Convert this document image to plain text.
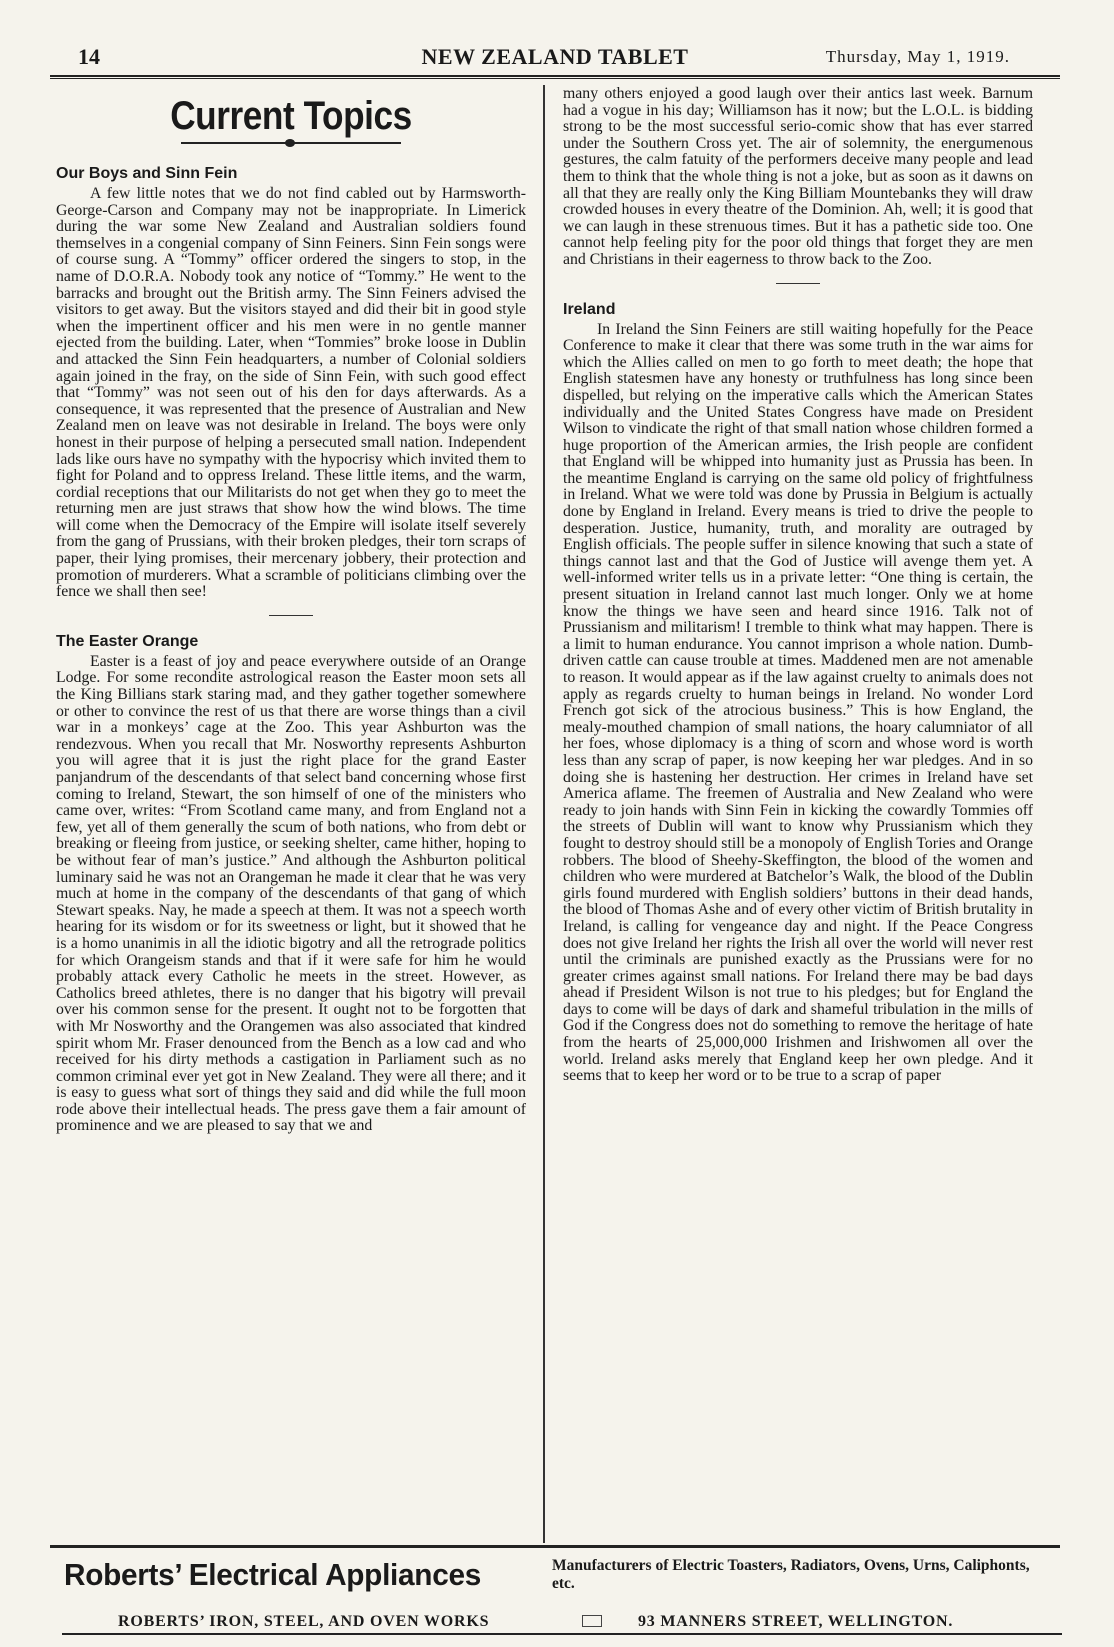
14	NEW ZEALAND TABLET	Thursday, May 1, 1919.
Current Topics
Our Boys and Sinn Fein

A few little notes that we do not find cabled out by Harmsworth-George-Carson and Company may not be inappropriate. In Limerick during the war some New Zealand and Australian soldiers found themselves in a congenial company of Sinn Feiners. Sinn Fein songs were of course sung. A “Tommy” officer ordered the singers to stop, in the name of D.O.R.A. Nobody took any notice of “Tommy.” He went to the barracks and brought out the British army. The Sinn Feiners advised the visitors to get away. But the visitors stayed and did their bit in good style when the impertinent officer and his men were in no gentle manner ejected from the building. Later, when “Tommies” broke loose in Dublin and attacked the Sinn Fein headquarters, a number of Colonial soldiers again joined in the fray, on the side of Sinn Fein, with such good effect that “Tommy” was not seen out of his den for days afterwards. As a consequence, it was represented that the presence of Australian and New Zealand men on leave was not desirable in Ireland. The boys were only honest in their purpose of helping a persecuted small nation. Independent lads like ours have no sympathy with the hypocrisy which invited them to fight for Poland and to oppress Ireland. These little items, and the warm, cordial receptions that our Militarists do not get when they go to meet the returning men are just straws that show how the wind blows. The time will come when the Democracy of the Empire will isolate itself severely from the gang of Prussians, with their broken pledges, their torn scraps of paper, their lying promises, their mercenary jobbery, their protection and promotion of murderers. What a scramble of politicians climbing over the fence we shall then see!

The Easter Orange

Easter is a feast of joy and peace everywhere outside of an Orange Lodge. For some recondite astrological reason the Easter moon sets all the King Billians stark staring mad, and they gather together somewhere or other to convince the rest of us that there are worse things than a civil war in a monkeys’ cage at the Zoo. This year Ashburton was the rendezvous. When you recall that Mr. Nosworthy represents Ashburton you will agree that it is just the right place for the grand Easter panjandrum of the descendants of that select band concerning whose first coming to Ireland, Stewart, the son himself of one of the ministers who came over, writes: “From Scotland came many, and from England not a few, yet all of them generally the scum of both nations, who from debt or breaking or fleeing from justice, or seeking shelter, came hither, hoping to be without fear of man’s justice.” And although the Ashburton political luminary said he was not an Orangeman he made it clear that he was very much at home in the company of the descendants of that gang of which Stewart speaks. Nay, he made a speech at them. It was not a speech worth hearing for its wisdom or for its sweetness or light, but it showed that he is a homo unanimis in all the idiotic bigotry and all the retrograde politics for which Orangeism stands and that if it were safe for him he would probably attack every Catholic he meets in the street. However, as Catholics breed athletes, there is no danger that his bigotry will prevail over his common sense for the present. It ought not to be forgotten that with Mr Nosworthy and the Orangemen was also associated that kindred spirit whom Mr. Fraser denounced from the Bench as a low cad and who received for his dirty methods a castigation in Parliament such as no common criminal ever yet got in New Zealand. They were all there; and it is easy to guess what sort of things they said and did while the full moon rode above their intellectual heads. The press gave them a fair amount of prominence and we are pleased to say that we and

many others enjoyed a good laugh over their antics last week. Barnum had a vogue in his day; Williamson has it now; but the L.O.L. is bidding strong to be the most successful serio-comic show that has ever starred under the Southern Cross yet. The air of solemnity, the energumenous gestures, the calm fatuity of the performers deceive many people and lead them to think that the whole thing is not a joke, but as soon as it dawns on all that they are really only the King Billiam Mountebanks they will draw crowded houses in every theatre of the Dominion. Ah, well; it is good that we can laugh in these strenuous times. But it has a pathetic side too. One cannot help feeling pity for the poor old things that forget they are men and Christians in their eagerness to throw back to the Zoo.

Ireland

In Ireland the Sinn Feiners are still waiting hopefully for the Peace Conference to make it clear that there was some truth in the war aims for which the Allies called on men to go forth to meet death; the hope that English statesmen have any honesty or truthfulness has long since been dispelled, but relying on the imperative calls which the American States individually and the United States Congress have made on President Wilson to vindicate the right of that small nation whose children formed a huge proportion of the American armies, the Irish people are confident that England will be whipped into humanity just as Prussia has been. In the meantime England is carrying on the same old policy of frightfulness in Ireland. What we were told was done by Prussia in Belgium is actually done by England in Ireland. Every means is tried to drive the people to desperation. Justice, humanity, truth, and morality are outraged by English officials. The people suffer in silence knowing that such a state of things cannot last and that the God of Justice will avenge them yet. A well-informed writer tells us in a private letter: “One thing is certain, the present situation in Ireland cannot last much longer. Only we at home know the things we have seen and heard since 1916. Talk not of Prussianism and militarism! I tremble to think what may happen. There is a limit to human endurance. You cannot imprison a whole nation. Dumb-driven cattle can cause trouble at times. Maddened men are not amenable to reason. It would appear as if the law against cruelty to animals does not apply as regards cruelty to human beings in Ireland. No wonder Lord French got sick of the atrocious business.” This is how England, the mealy-mouthed champion of small nations, the hoary calumniator of all her foes, whose diplomacy is a thing of scorn and whose word is worth less than any scrap of paper, is now keeping her war pledges. And in so doing she is hastening her destruction. Her crimes in Ireland have set America aflame. The freemen of Australia and New Zealand who were ready to join hands with Sinn Fein in kicking the cowardly Tommies off the streets of Dublin will want to know why Prussianism which they fought to destroy should still be a monopoly of English Tories and Orange robbers. The blood of Sheehy-Skeffington, the blood of the women and children who were murdered at Batchelor’s Walk, the blood of the Dublin girls found murdered with English soldiers’ buttons in their dead hands, the blood of Thomas Ashe and of every other victim of British brutality in Ireland, is calling for vengeance day and night. If the Peace Congress does not give Ireland her rights the Irish all over the world will never rest until the criminals are punished exactly as the Prussians were for no greater crimes against small nations. For Ireland there may be bad days ahead if President Wilson is not true to his pledges; but for England the days to come will be days of dark and shameful tribulation in the mills of God if the Congress does not do something to remove the heritage of hate from the hearts of 25,000,000 Irishmen and Irishwomen all over the world. Ireland asks merely that England keep her own pledge. And it seems that to keep her word or to be true to a scrap of paper

Roberts’ Electrical Appliances	Manufacturers of Electric Toasters, Radiators, Ovens, Urns, Caliphonts, etc.
ROBERTS’ IRON, STEEL, AND OVEN WORKS	93 MANNERS STREET, WELLINGTON.
